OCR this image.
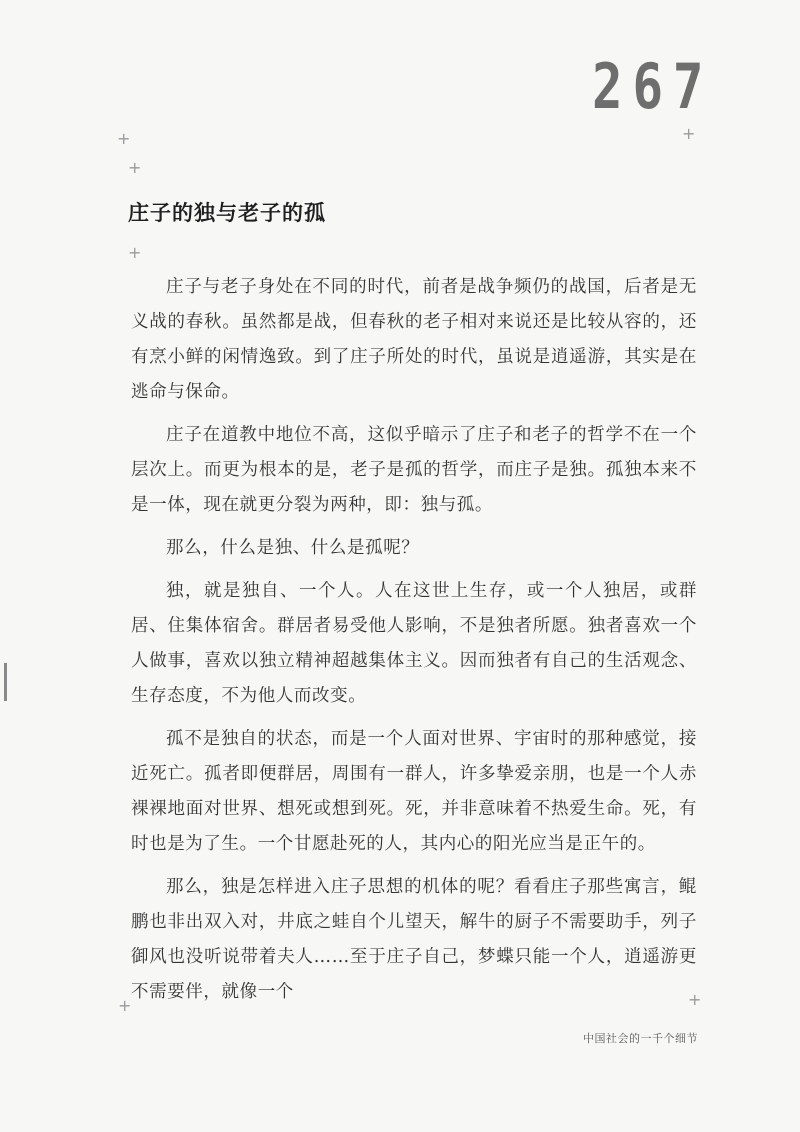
267
+	+
+
+
+	+
庄子的独与老子的孤

庄子与老子身处在不同的时代，前者是战争频仍的战国，后者是无义战的春秋。虽然都是战，但春秋的老子相对来说还是比较从容的，还有烹小鲜的闲情逸致。到了庄子所处的时代，虽说是逍遥游，其实是在逃命与保命。

庄子在道教中地位不高，这似乎暗示了庄子和老子的哲学不在一个层次上。而更为根本的是，老子是孤的哲学，而庄子是独。孤独本来不是一体，现在就更分裂为两种，即：独与孤。

那么，什么是独、什么是孤呢？

独，就是独自、一个人。人在这世上生存，或一个人独居，或群居、住集体宿舍。群居者易受他人影响，不是独者所愿。独者喜欢一个人做事，喜欢以独立精神超越集体主义。因而独者有自己的生活观念、生存态度，不为他人而改变。

孤不是独自的状态，而是一个人面对世界、宇宙时的那种感觉，接近死亡。孤者即便群居，周围有一群人，许多挚爱亲朋，也是一个人赤裸裸地面对世界、想死或想到死。死，并非意味着不热爱生命。死，有时也是为了生。一个甘愿赴死的人，其内心的阳光应当是正午的。

那么，独是怎样进入庄子思想的机体的呢？看看庄子那些寓言，鲲鹏也非出双入对，井底之蛙自个儿望天，解牛的厨子不需要助手，列子御风也没听说带着夫人……至于庄子自己，梦蝶只能一个人，逍遥游更不需要伴，就像一个

中国社会的一千个细节
